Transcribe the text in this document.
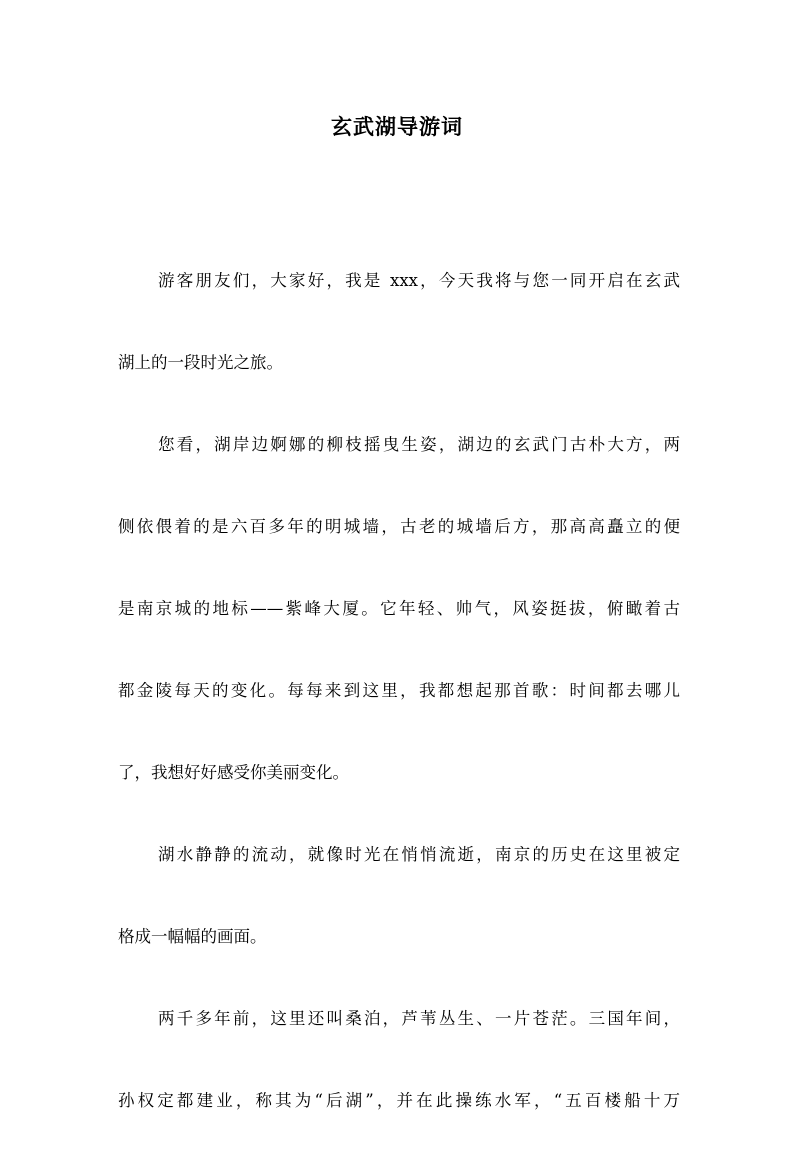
玄武湖导游词
游客朋友们，大家好，我是 xxx，今天我将与您一同开启在玄武
湖上的一段时光之旅。
您看，湖岸边婀娜的柳枝摇曳生姿，湖边的玄武门古朴大方，两
侧依偎着的是六百多年的明城墙，古老的城墙后方，那高高矗立的便
是南京城的地标——紫峰大厦。它年轻、帅气，风姿挺拔，俯瞰着古
都金陵每天的变化。每每来到这里，我都想起那首歌：时间都去哪儿
了，我想好好感受你美丽变化。
湖水静静的流动，就像时光在悄悄流逝，南京的历史在这里被定
格成一幅幅的画面。
两千多年前，这里还叫桑泊，芦苇丛生、一片苍茫。三国年间，
孙权定都建业，称其为“后湖”，并在此操练水军，“五百楼船十万
